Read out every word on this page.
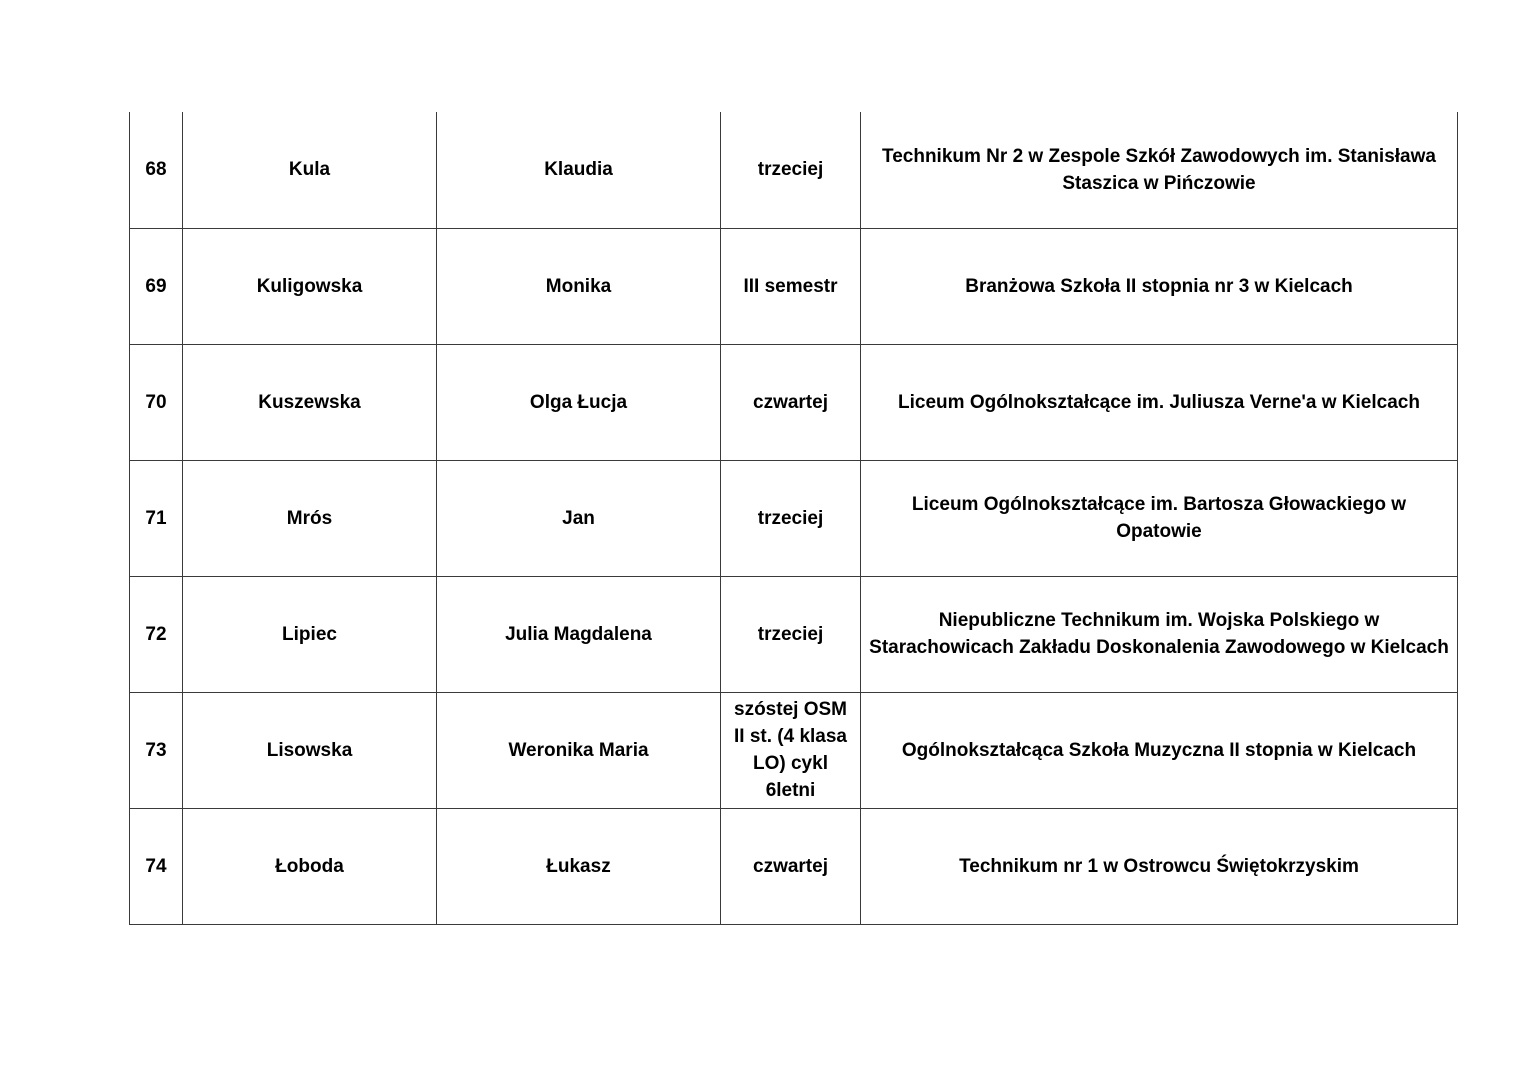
68	Kula	Klaudia	trzeciej	Technikum Nr 2 w Zespole Szkół Zawodowych im. Stanisława Staszica w Pińczowie
69	Kuligowska	Monika	III semestr	Branżowa Szkoła II stopnia nr 3 w Kielcach
70	Kuszewska	Olga Łucja	czwartej	Liceum Ogólnokształcące im. Juliusza Verne'a w Kielcach
71	Mrós	Jan	trzeciej	Liceum Ogólnokształcące im. Bartosza Głowackiego w Opatowie
72	Lipiec	Julia Magdalena	trzeciej	Niepubliczne Technikum im. Wojska Polskiego w Starachowicach Zakładu Doskonalenia Zawodowego w Kielcach
73	Lisowska	Weronika Maria	szóstej OSM II st. (4 klasa LO) cykl 6letni	Ogólnokształcąca Szkoła Muzyczna II stopnia w Kielcach
74	Łoboda	Łukasz	czwartej	Technikum nr 1 w Ostrowcu Świętokrzyskim
